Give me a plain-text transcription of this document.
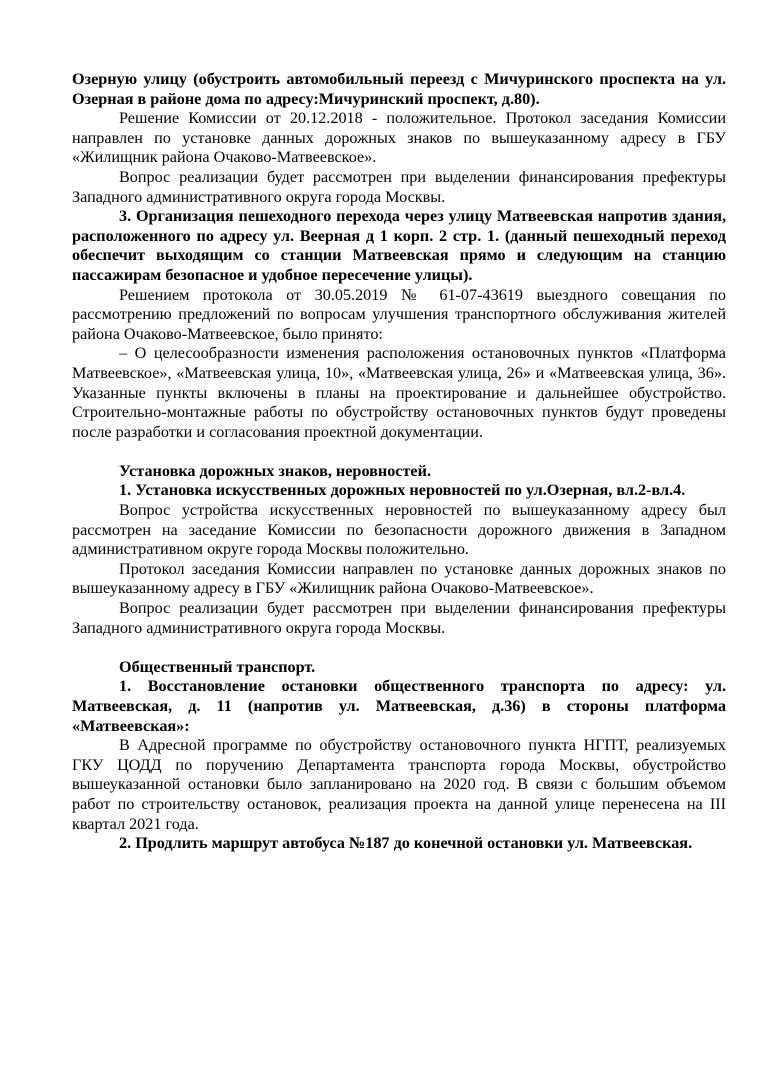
Озерную улицу (обустроить автомобильный переезд с Мичуринского проспекта на ул. Озерная в районе дома по адресу:Мичуринский проспект, д.80).

Решение Комиссии от 20.12.2018 - положительное. Протокол заседания Комиссии направлен по установке данных дорожных знаков по вышеуказанному адресу в ГБУ «Жилищник района Очаково-Матвеевское».

Вопрос реализации будет рассмотрен при выделении финансирования префектуры Западного административного округа города Москвы.

3. Организация пешеходного перехода через улицу Матвеевская напротив здания, расположенного по адресу ул. Веерная д 1 корп. 2 стр. 1. (данный пешеходный переход обеспечит выходящим со станции Матвеевская прямо и следующим на станцию пассажирам безопасное и удобное пересечение улицы).

Решением протокола от 30.05.2019 № 61-07-43619 выездного совещания по рассмотрению предложений по вопросам улучшения транспортного обслуживания жителей района Очаково-Матвеевское, было принято:

– О целесообразности изменения расположения остановочных пунктов «Платформа Матвеевское», «Матвеевская улица, 10», «Матвеевская улица, 26» и «Матвеевская улица, 36». Указанные пункты включены в планы на проектирование и дальнейшее обустройство. Строительно-монтажные работы по обустройству остановочных пунктов будут проведены после разработки и согласования проектной документации.

Установка дорожных знаков, неровностей.

1. Установка искусственных дорожных неровностей по ул.Озерная, вл.2-вл.4.

Вопрос устройства искусственных неровностей по вышеуказанному адресу был рассмотрен на заседание Комиссии по безопасности дорожного движения в Западном административном округе города Москвы положительно.

Протокол заседания Комиссии направлен по установке данных дорожных знаков по вышеуказанному адресу в ГБУ «Жилищник района Очаково-Матвеевское».

Вопрос реализации будет рассмотрен при выделении финансирования префектуры Западного административного округа города Москвы.

Общественный транспорт.

1. Восстановление остановки общественного транспорта по адресу: ул. Матвеевская, д. 11 (напротив ул. Матвеевская, д.36) в стороны платформа «Матвеевская»:

В Адресной программе по обустройству остановочного пункта НГПТ, реализуемых ГКУ ЦОДД по поручению Департамента транспорта города Москвы, обустройство вышеуказанной остановки было запланировано на 2020 год. В связи с большим объемом работ по строительству остановок, реализация проекта на данной улице перенесена на III квартал 2021 года.

2. Продлить маршрут автобуса №187 до конечной остановки ул. Матвеевская.
